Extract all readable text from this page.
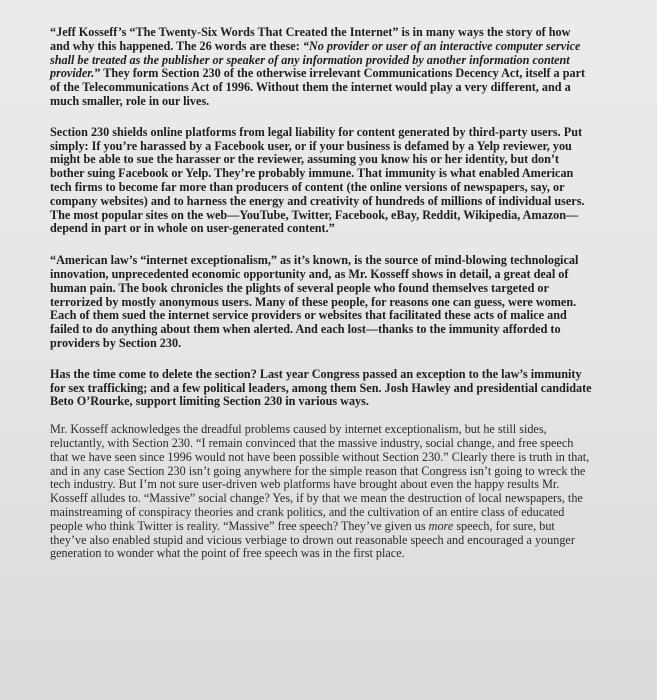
“Jeff Kosseff’s “The Twenty-Six Words That Created the Internet” is in many ways the story of how and why this happened. The 26 words are these: “No provider or user of an interactive computer service shall be treated as the publisher or speaker of any information provided by another information content provider.” They form Section 230 of the otherwise irrelevant Communications Decency Act, itself a part of the Telecommunications Act of 1996. Without them the internet would play a very different, and a much smaller, role in our lives.

Section 230 shields online platforms from legal liability for content generated by third-party users. Put simply: If you’re harassed by a Facebook user, or if your business is defamed by a Yelp reviewer, you might be able to sue the harasser or the reviewer, assuming you know his or her identity, but don’t bother suing Facebook or Yelp. They’re probably immune. That immunity is what enabled American tech firms to become far more than producers of content (the online versions of newspapers, say, or company websites) and to harness the energy and creativity of hundreds of millions of individual users. The most popular sites on the web—YouTube, Twitter, Facebook, eBay, Reddit, Wikipedia, Amazon—depend in part or in whole on user-generated content.”

“American law’s “internet exceptionalism,” as it’s known, is the source of mind-blowing technological innovation, unprecedented economic opportunity and, as Mr. Kosseff shows in detail, a great deal of human pain. The book chronicles the plights of several people who found themselves targeted or terrorized by mostly anonymous users. Many of these people, for reasons one can guess, were women. Each of them sued the internet service providers or websites that facilitated these acts of malice and failed to do anything about them when alerted. And each lost—thanks to the immunity afforded to providers by Section 230.

Has the time come to delete the section? Last year Congress passed an exception to the law’s immunity for sex trafficking; and a few political leaders, among them Sen. Josh Hawley and presidential candidate Beto O’Rourke, support limiting Section 230 in various ways.

Mr. Kosseff acknowledges the dreadful problems caused by internet exceptionalism, but he still sides, reluctantly, with Section 230. “I remain convinced that the massive industry, social change, and free speech that we have seen since 1996 would not have been possible without Section 230.” Clearly there is truth in that, and in any case Section 230 isn’t going anywhere for the simple reason that Congress isn’t going to wreck the tech industry. But I’m not sure user-driven web platforms have brought about even the happy results Mr. Kosseff alludes to. “Massive” social change? Yes, if by that we mean the destruction of local newspapers, the mainstreaming of conspiracy theories and crank politics, and the cultivation of an entire class of educated people who think Twitter is reality. “Massive” free speech? They’ve given us more speech, for sure, but they’ve also enabled stupid and vicious verbiage to drown out reasonable speech and encouraged a younger generation to wonder what the point of free speech was in the first place.
